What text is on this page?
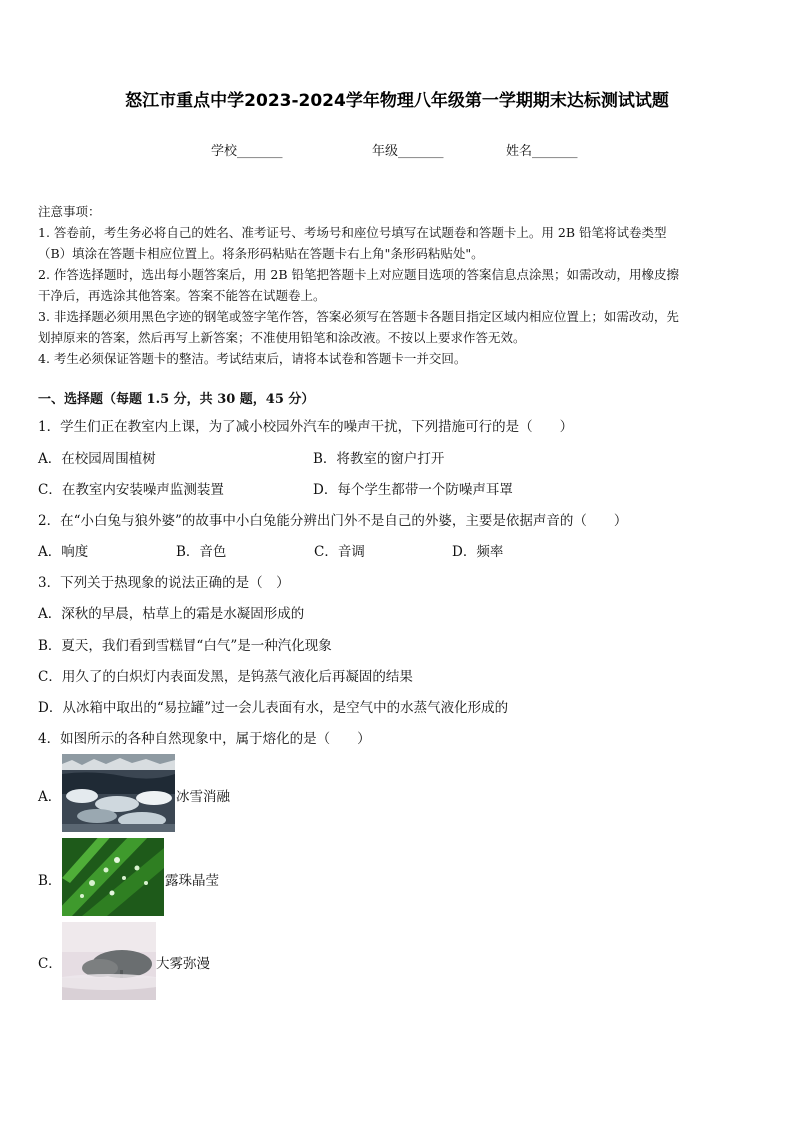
怒江市重点中学2023-2024学年物理八年级第一学期期末达标测试试题
学校_______	年级_______	姓名_______
注意事项：
1. 答卷前，考生务必将自己的姓名、准考证号、考场号和座位号填写在试题卷和答题卡上。用 2B 铅笔将试卷类型
（B）填涂在答题卡相应位置上。将条形码粘贴在答题卡右上角"条形码粘贴处"。
2. 作答选择题时，选出每小题答案后，用 2B 铅笔把答题卡上对应题目选项的答案信息点涂黑；如需改动，用橡皮擦
干净后，再选涂其他答案。答案不能答在试题卷上。
3. 非选择题必须用黑色字迹的钢笔或签字笔作答，答案必须写在答题卡各题目指定区域内相应位置上；如需改动，先
划掉原来的答案，然后再写上新答案；不准使用铅笔和涂改液。不按以上要求作答无效。
4. 考生必须保证答题卡的整洁。考试结束后，请将本试卷和答题卡一并交回。
一、选择题（每题 1.5 分，共 30 题，45 分）
1．学生们正在教室内上课，为了减小校园外汽车的噪声干扰，下列措施可行的是（　　）
A．在校园周围植树	B．将教室的窗户打开
C．在教室内安装噪声监测装置	D．每个学生都带一个防噪声耳罩
2．在“小白兔与狼外婆”的故事中小白兔能分辨出门外不是自己的外婆，主要是依据声音的（　　）
A．响度	B．音色	C．音调	D．频率
3．下列关于热现象的说法正确的是（　）
A．深秋的早晨，枯草上的霜是水凝固形成的
B．夏天，我们看到雪糕冒“白气”是一种汽化现象
C．用久了的白炽灯内表面发黑，是钨蒸气液化后再凝固的结果
D．从冰箱中取出的“易拉罐”过一会儿表面有水，是空气中的水蒸气液化形成的
4．如图所示的各种自然现象中，属于熔化的是（　　）
A．	冰雪消融
B．	露珠晶莹
C．	大雾弥漫
